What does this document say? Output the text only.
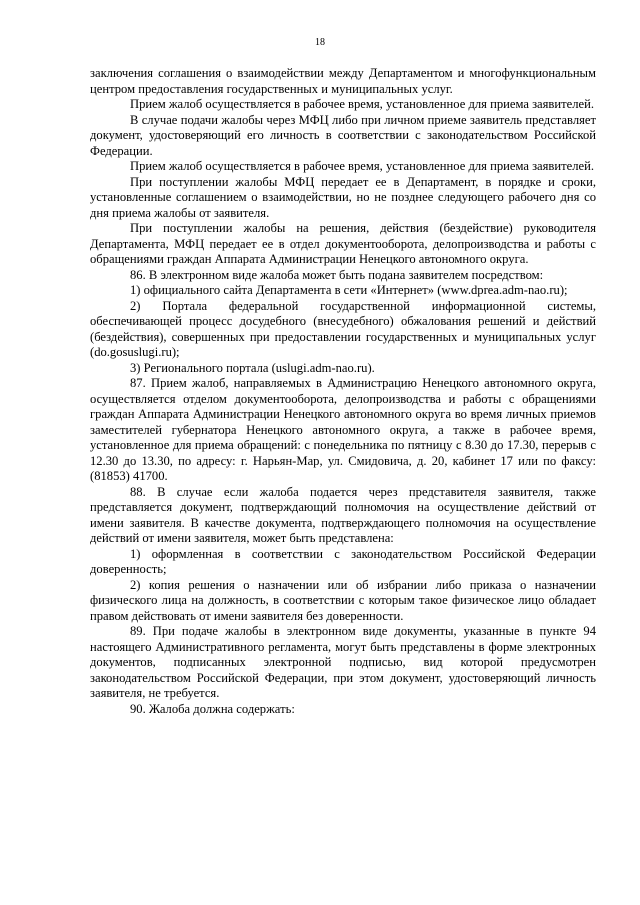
18

заключения соглашения о взаимодействии между Департаментом и многофункциональным центром предоставления государственных и муниципальных услуг.

Прием жалоб осуществляется в рабочее время, установленное для приема заявителей.

В случае подачи жалобы через МФЦ либо при личном приеме заявитель представляет документ, удостоверяющий его личность в соответствии с законодательством Российской Федерации.

Прием жалоб осуществляется в рабочее время, установленное для приема заявителей.

При поступлении жалобы МФЦ передает ее в Департамент, в порядке и сроки, установленные соглашением о взаимодействии, но не позднее следующего рабочего дня со дня приема жалобы от заявителя.

При поступлении жалобы на решения, действия (бездействие) руководителя Департамента, МФЦ передает ее в отдел документооборота, делопроизводства и работы с обращениями граждан Аппарата Администрации Ненецкого автономного округа.

86. В электронном виде жалоба может быть подана заявителем посредством:

1) официального сайта Департамента в сети «Интернет» (www.dprea.adm-nao.ru);

2) Портала федеральной государственной информационной системы, обеспечивающей процесс досудебного (внесудебного) обжалования решений и действий (бездействия), совершенных при предоставлении государственных и муниципальных услуг (do.gosuslugi.ru);

3) Регионального портала (uslugi.adm-nao.ru).

87. Прием жалоб, направляемых в Администрацию Ненецкого автономного округа, осуществляется отделом документооборота, делопроизводства и работы с обращениями граждан Аппарата Администрации Ненецкого автономного округа во время личных приемов заместителей губернатора Ненецкого автономного округа, а также в рабочее время, установленное для приема обращений: с понедельника по пятницу с 8.30 до 17.30, перерыв с 12.30 до 13.30, по адресу: г. Нарьян-Мар, ул. Смидовича, д. 20, кабинет 17 или по факсу: (81853) 41700.

88. В случае если жалоба подается через представителя заявителя, также представляется документ, подтверждающий полномочия на осуществление действий от имени заявителя. В качестве документа, подтверждающего полномочия на осуществление действий от имени заявителя, может быть представлена:

1) оформленная в соответствии с законодательством Российской Федерации доверенность;

2) копия решения о назначении или об избрании либо приказа о назначении физического лица на должность, в соответствии с которым такое физическое лицо обладает правом действовать от имени заявителя без доверенности.

89. При подаче жалобы в электронном виде документы, указанные в пункте 94 настоящего Административного регламента, могут быть представлены в форме электронных документов, подписанных электронной подписью, вид которой предусмотрен законодательством Российской Федерации, при этом документ, удостоверяющий личность заявителя, не требуется.

90. Жалоба должна содержать:
